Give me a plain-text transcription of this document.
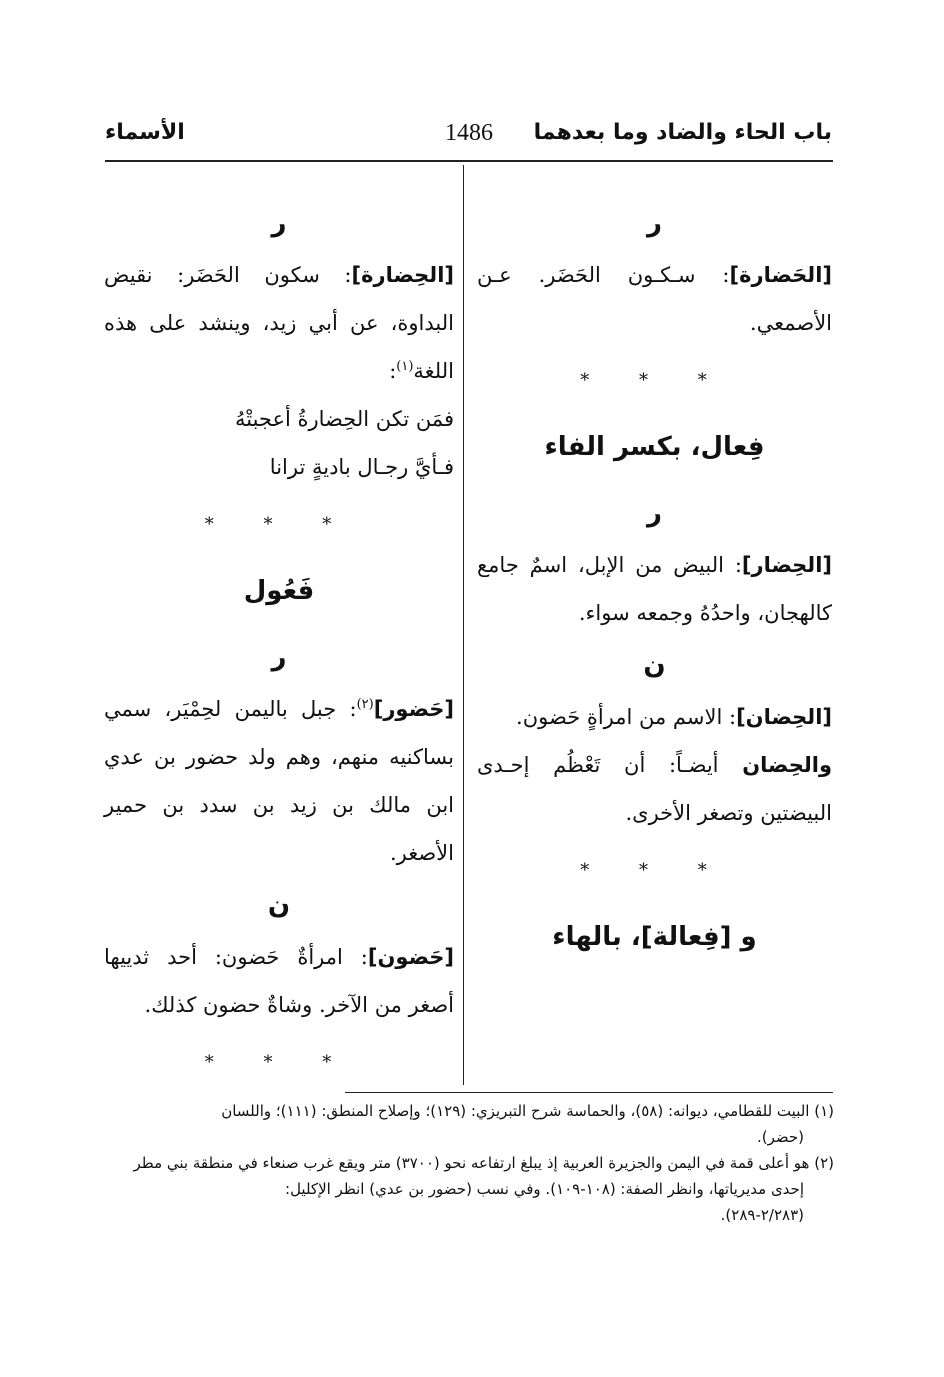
باب الحاء والضاد وما بعدهما
1486
الأسماء
ر
[الحَضارة]: سـكـون الحَضَر. عـن الأصمعي.
* * *
فِعال، بكسر الفاء
ر
[الحِضار]: البيض من الإبل، اسمٌ جامع كالهجان، واحدُهُ وجمعه سواء.
ن
[الحِضان]: الاسم من امرأةٍ حَضون.
والحِضان أيضـاً: أن تَعْظُم إحـدى البيضتين وتصغر الأخرى.
* * *
و [فِعالة]، بالهاء
ر
[الحِضارة]: سكون الحَضَر: نقيض البداوة، عن أبي زيد، وينشد على هذه اللغة$^{(١)}$:
فمَن تكن الحِضارةُ أعجبتْهُ
فـأيَّ رجـال باديةٍ ترانا
* * *
فَعُول
ر
[حَضور]$^{(٢)}$: جبل باليمن لحِمْيَر، سمي بساكنيه منهم، وهم ولد حضور بن عدي ابن مالك بن زيد بن سدد بن حمير الأصغر.
ن
[حَضون]: امرأةٌ حَضون: أحد ثدييها أصغر من الآخر. وشاةٌ حضون كذلك.
* * *
(١) البيت للقطامي، ديوانه: (٥٨)، والحماسة شرح التبريزي: (١٢٩)؛ وإصلاح المنطق: (١١١)؛ واللسان
(حضر).
(٢) هو أعلى قمة في اليمن والجزيرة العربية إذ يبلغ ارتفاعه نحو (٣٧٠٠) متر ويقع غرب صنعاء في منطقة بني مطر
إحدى مديرياتها، وانظر الصفة: (١٠٨-١٠٩). وفي نسب (حضور بن عدي) انظر الإكليل:
(٢/٢٨٣-٢٨٩).
